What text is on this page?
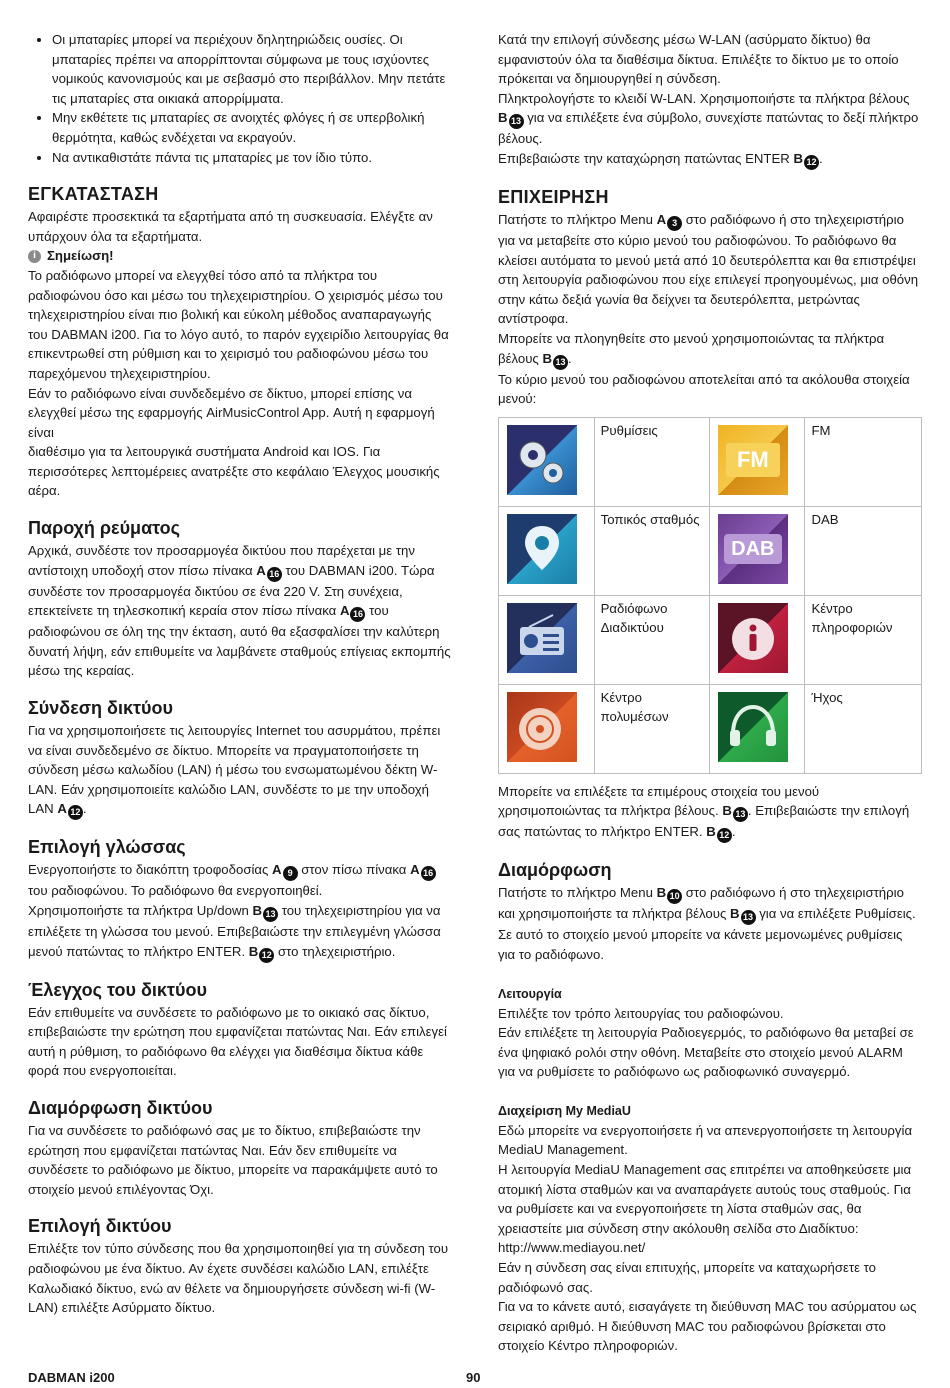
• Οι μπαταρίες μπορεί να περιέχουν δηλητηριώδεις ουσίες. Οι μπαταρίες πρέπει να απορρίπτονται σύμφωνα με τους ισχύοντες νομικούς κανονισμούς και με σεβασμό στο περιβάλλον. Μην πετάτε τις μπαταρίες στα οικιακά απορρίμματα.
• Μην εκθέτετε τις μπαταρίες σε ανοιχτές φλόγες ή σε υπερβολική θερμότητα, καθώς ενδέχεται να εκραγούν.
• Να αντικαθιστάτε πάντα τις μπαταρίες με τον ίδιο τύπο.
ΕΓΚΑΤΑΣΤΑΣΗ

Αφαιρέστε προσεκτικά τα εξαρτήματα από τη συσκευασία. Ελέγξτε αν υπάρχουν όλα τα εξαρτήματα.

i Σημείωση!

Το ραδιόφωνο μπορεί να ελεγχθεί τόσο από τα πλήκτρα του ραδιοφώνου όσο και μέσω του τηλεχειριστηρίου. Ο χειρισμός μέσω του τηλεχειριστηρίου είναι πιο βολική και εύκολη μέθοδος αναπαραγωγής του DABMAN i200. Για το λόγο αυτό, το παρόν εγχειρίδιο λειτουργίας θα επικεντρωθεί στη ρύθμιση και το χειρισμό του ραδιοφώνου μέσω του παρεχόμενου τηλεχειριστηρίου.

Εάν το ραδιόφωνο είναι συνδεδεμένο σε δίκτυο, μπορεί επίσης να ελεγχθεί μέσω της εφαρμογής AirMusicControl App. Αυτή η εφαρμογή είναι

διαθέσιμο για τα λειτουργικά συστήματα Android και IOS. Για περισσότερες λεπτομέρειες ανατρέξτε στο κεφάλαιο Έλεγχος μουσικής αέρα.

Παροχή ρεύματος

Αρχικά, συνδέστε τον προσαρμογέα δικτύου που παρέχεται με την αντίστοιχη υποδοχή στον πίσω πίνακα A 16 του DABMAN i200. Τώρα συνδέστε τον προσαρμογέα δικτύου σε ένα 220 V. Στη συνέχεια, επεκτείνετε τη τηλεσκοπική κεραία στον πίσω πίνακα A 16 του ραδιοφώνου σε όλη της την έκταση, αυτό θα εξασφαλίσει την καλύτερη δυνατή λήψη, εάν επιθυμείτε να λαμβάνετε σταθμούς επίγειας εκπομπής μέσω της κεραίας.

Σύνδεση δικτύου

Για να χρησιμοποιήσετε τις λειτουργίες Internet του ασυρμάτου, πρέπει να είναι συνδεδεμένο σε δίκτυο. Μπορείτε να πραγματοποιήσετε τη σύνδεση μέσω καλωδίου (LAN) ή μέσω του ενσωματωμένου δέκτη W-LAN. Εάν χρησιμοποιείτε καλώδιο LAN, συνδέστε το με την υποδοχή LAN A 12 .

Επιλογή γλώσσας

Ενεργοποιήστε το διακόπτη τροφοδοσίας A 9 στον πίσω πίνακα A 16 του ραδιοφώνου. Το ραδιόφωνο θα ενεργοποιηθεί.

Χρησιμοποιήστε τα πλήκτρα Up/down B 13 του τηλεχειριστηρίου για να επιλέξετε τη γλώσσα του μενού. Επιβεβαιώστε την επιλεγμένη γλώσσα μενού πατώντας το πλήκτρο ENTER. B 12 στο τηλεχειριστήριο.

Έλεγχος του δικτύου

Εάν επιθυμείτε να συνδέσετε το ραδιόφωνο με το οικιακό σας δίκτυο, επιβεβαιώστε την ερώτηση που εμφανίζεται πατώντας Ναι. Εάν επιλεγεί αυτή η ρύθμιση, το ραδιόφωνο θα ελέγχει για διαθέσιμα δίκτυα κάθε φορά που ενεργοποιείται.

Διαμόρφωση δικτύου

Για να συνδέσετε το ραδιόφωνό σας με το δίκτυο, επιβεβαιώστε την ερώτηση που εμφανίζεται πατώντας Ναι. Εάν δεν επιθυμείτε να συνδέσετε το ραδιόφωνο με δίκτυο, μπορείτε να παρακάμψετε αυτό το στοιχείο μενού επιλέγοντας Όχι.

Επιλογή δικτύου

Επιλέξτε τον τύπο σύνδεσης που θα χρησιμοποιηθεί για τη σύνδεση του ραδιοφώνου με ένα δίκτυο. Αν έχετε συνδέσει καλώδιο LAN, επιλέξτε Καλωδιακό δίκτυο, ενώ αν θέλετε να δημιουργήσετε σύνδεση wi-fi (W-LAN) επιλέξτε Ασύρματο δίκτυο.

Κατά την επιλογή σύνδεσης μέσω W-LAN (ασύρματο δίκτυο) θα εμφανιστούν όλα τα διαθέσιμα δίκτυα. Επιλέξτε το δίκτυο με το οποίο πρόκειται να δημιουργηθεί η σύνδεση.

Πληκτρολογήστε το κλειδί W-LAN. Χρησιμοποιήστε τα πλήκτρα βέλους B 13 για να επιλέξετε ένα σύμβολο, συνεχίστε πατώντας το δεξί πλήκτρο βέλους.

Επιβεβαιώστε την καταχώρηση πατώντας ENTER B 12 .

ΕΠΙΧΕΙΡΗΣΗ

Πατήστε το πλήκτρο Menu A 3 στο ραδιόφωνο ή στο τηλεχειριστήριο για να μεταβείτε στο κύριο μενού του ραδιοφώνου. Το ραδιόφωνο θα κλείσει αυτόματα το μενού μετά από 10 δευτερόλεπτα και θα επιστρέψει στη λειτουργία ραδιοφώνου που είχε επιλεγεί προηγουμένως, μια οθόνη στην κάτω δεξιά γωνία θα δείχνει τα δευτερόλεπτα, μετρώντας αντίστροφα.

Μπορείτε να πλοηγηθείτε στο μενού χρησιμοποιώντας τα πλήκτρα βέλους B 13 .

Το κύριο μενού του ραδιοφώνου αποτελείται από τα ακόλουθα στοιχεία μενού:

	Ρυθμίσεις	FM	FM

	Τοπικός σταθμός	DAB	DAB

	Ραδιόφωνο Διαδικτύου		Κέντρο πληροφοριών

	Κέντρο πολυμέσων		Ήχος

Μπορείτε να επιλέξετε τα επιμέρους στοιχεία του μενού χρησιμοποιώντας τα πλήκτρα βέλους. B 13 . Επιβεβαιώστε την επιλογή σας πατώντας το πλήκτρο ENTER. B 12 .

Διαμόρφωση

Πατήστε το πλήκτρο Menu B 10 στο ραδιόφωνο ή στο τηλεχειριστήριο και χρησιμοποιήστε τα πλήκτρα βέλους B 13 για να επιλέξετε Ρυθμίσεις.

Σε αυτό το στοιχείο μενού μπορείτε να κάνετε μεμονωμένες ρυθμίσεις για το ραδιόφωνο.

Λειτουργία

Επιλέξτε τον τρόπο λειτουργίας του ραδιοφώνου.

Εάν επιλέξετε τη λειτουργία Ραδιοεγερμός, το ραδιόφωνο θα μεταβεί σε ένα ψηφιακό ρολόι στην οθόνη. Μεταβείτε στο στοιχείο μενού ALARM για να ρυθμίσετε το ραδιόφωνο ως ραδιοφωνικό συναγερμό.

Διαχείριση My MediaU

Εδώ μπορείτε να ενεργοποιήσετε ή να απενεργοποιήσετε τη λειτουργία MediaU Management.

Η λειτουργία MediaU Management σας επιτρέπει να αποθηκεύσετε μια ατομική λίστα σταθμών και να αναπαράγετε αυτούς τους σταθμούς. Για να ρυθμίσετε και να ενεργοποιήσετε τη λίστα σταθμών σας, θα χρειαστείτε μια σύνδεση στην ακόλουθη σελίδα στο Διαδίκτυο: http://www.mediayou.net/

Εάν η σύνδεση σας είναι επιτυχής, μπορείτε να καταχωρήσετε το ραδιόφωνό σας.

Για να το κάνετε αυτό, εισαγάγετε τη διεύθυνση MAC του ασύρματου ως σειριακό αριθμό. Η διεύθυνση MAC του ραδιοφώνου βρίσκεται στο στοιχείο Κέντρο πληροφοριών.

DABMAN i200	90
